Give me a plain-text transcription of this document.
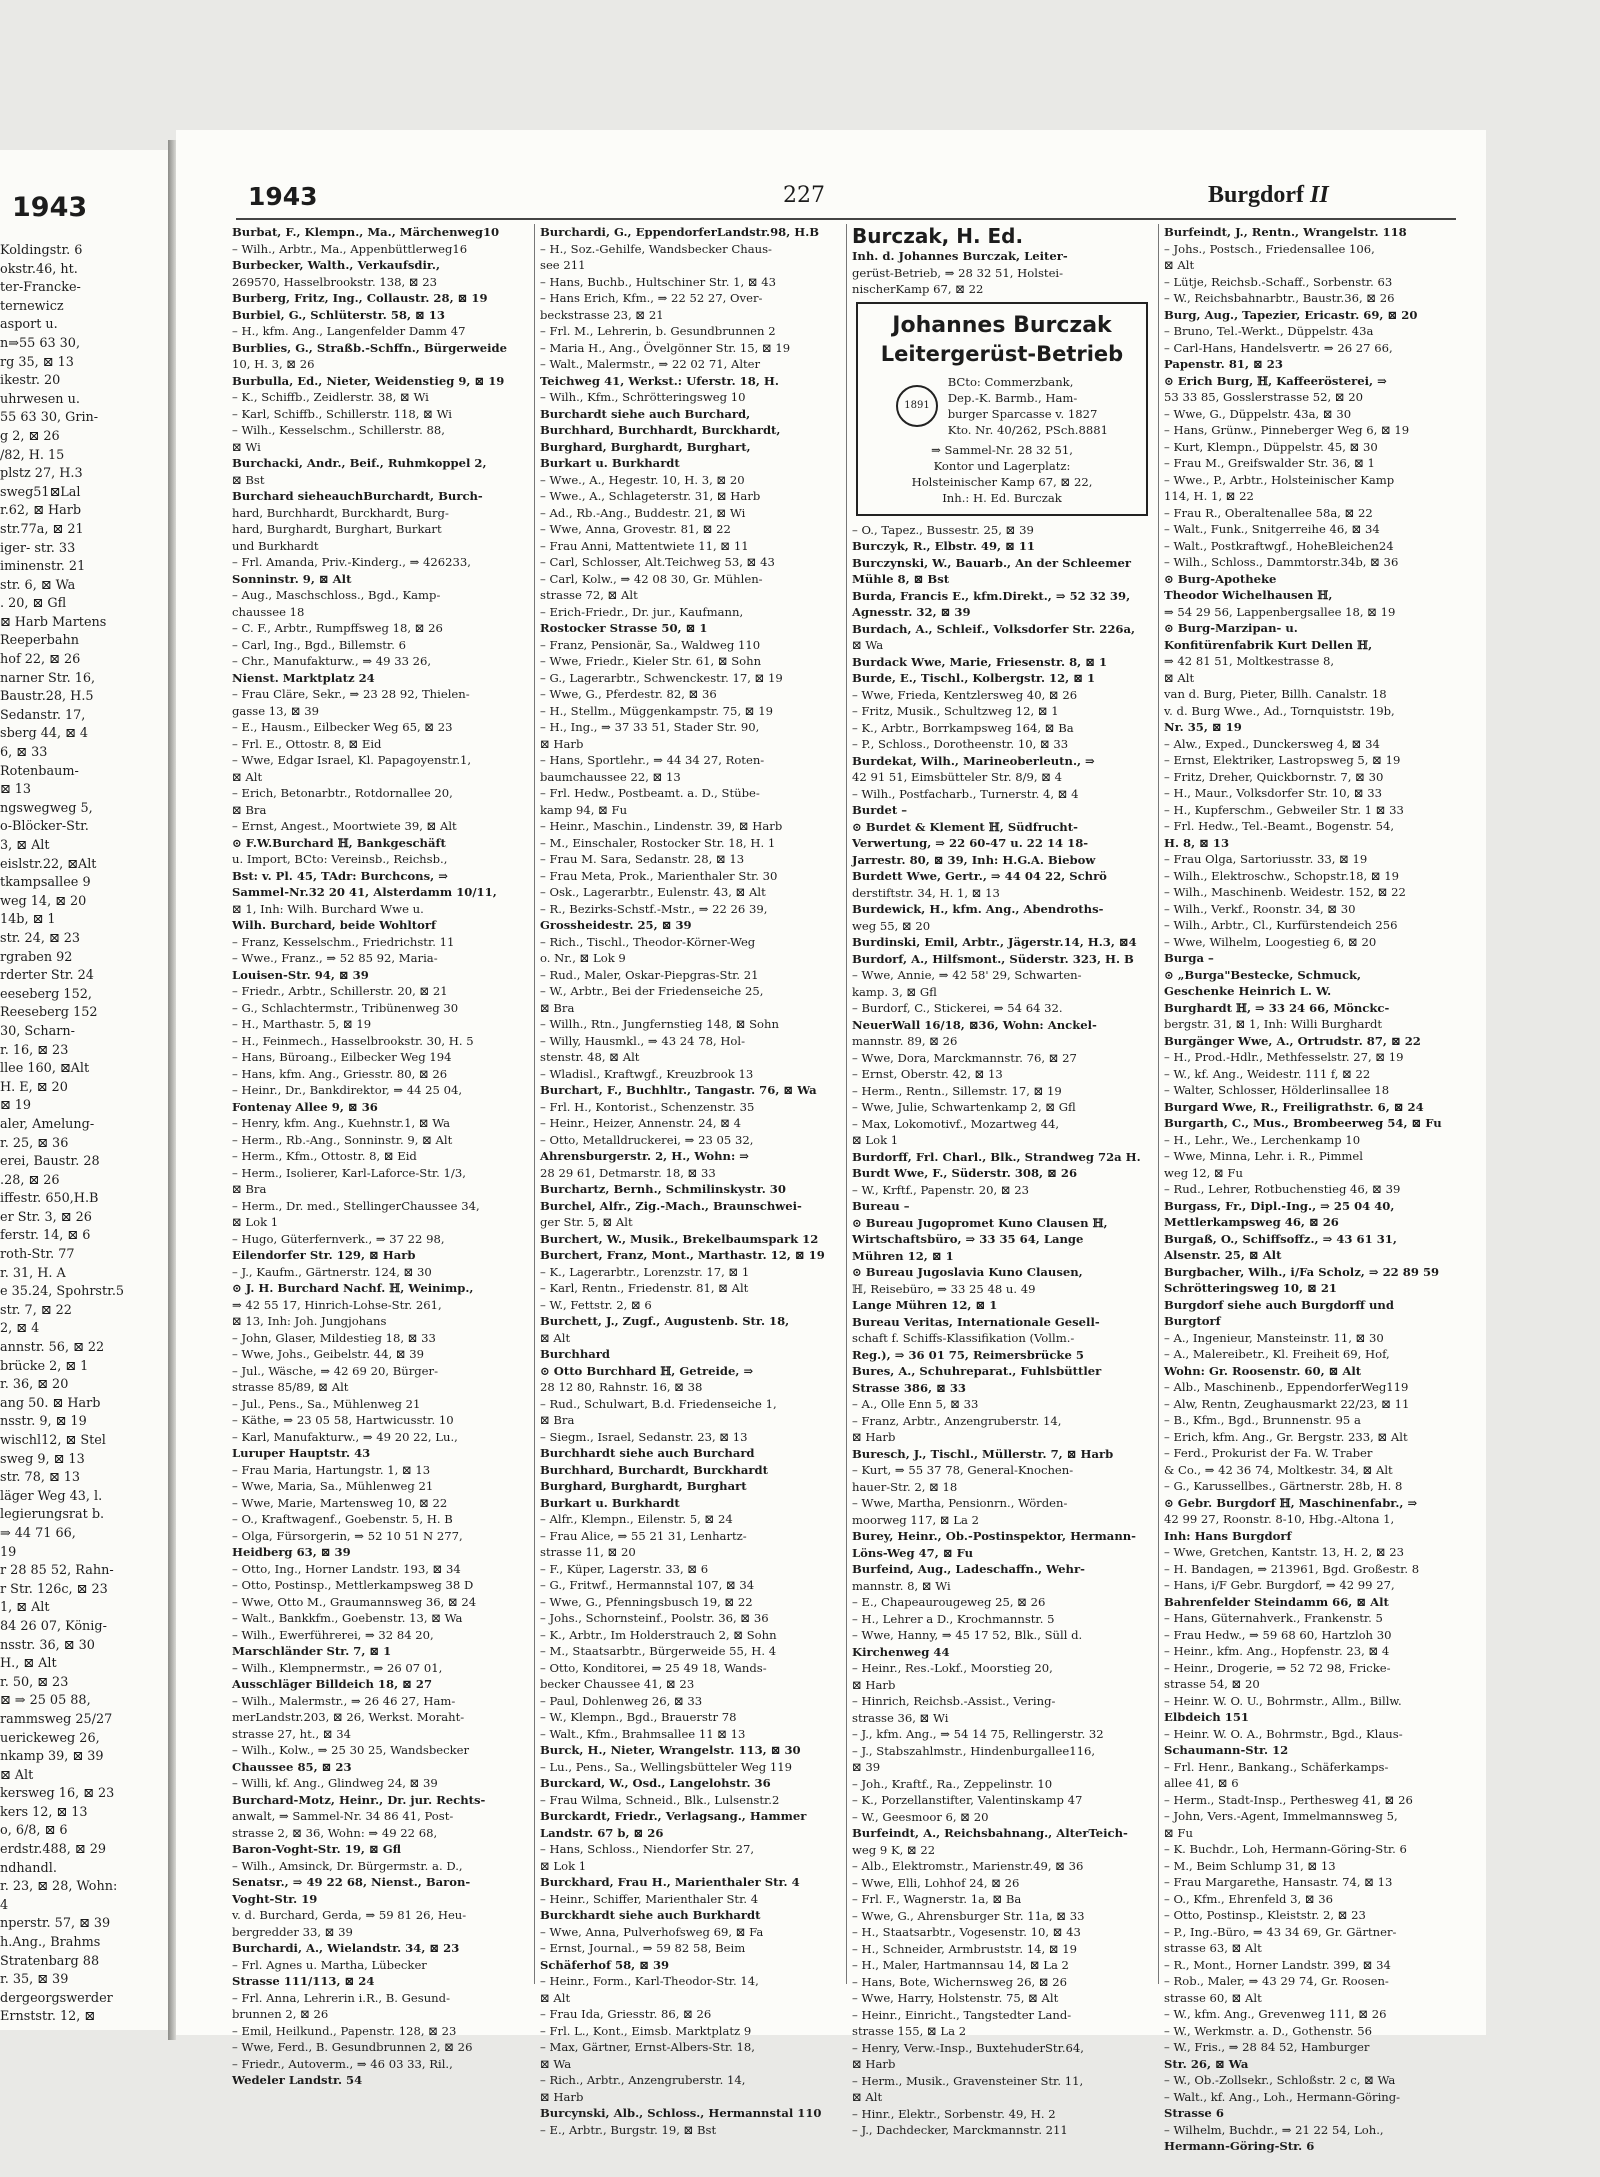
1943
Koldingstr. 6
okstr.46, ht.
ter-Francke-
ternewicz
asport u.
n⇒55 63 30,
rg 35, ⊠ 13
ikestr. 20
uhrwesen u.
55 63 30, Grin-
g 2, ⊠ 26
/82, H. 15
plstz 27, H.3
sweg51⊠Lal
r.62, ⊠ Harb
str.77a, ⊠ 21
iger- str. 33
iminenstr. 21
str. 6, ⊠ Wa
. 20, ⊠ Gfl
⊠ Harb Martens
Reeperbahn
hof 22, ⊠ 26
narner Str. 16,
Baustr.28, H.5
Sedanstr. 17,
sberg 44, ⊠ 4
6, ⊠ 33
Rotenbaum-
⊠ 13
ngswegweg 5,
o-Blöcker-Str.
3, ⊠ Alt
eislstr.22, ⊠Alt
tkampsallee 9
weg 14, ⊠ 20
14b, ⊠ 1
str. 24, ⊠ 23
rgraben 92
rderter Str. 24
eeseberg 152,
Reeseberg 152
30, Scharn-
r. 16, ⊠ 23
llee 160, ⊠Alt
H. E, ⊠ 20
⊠ 19
aler, Amelung-
r. 25, ⊠ 36
erei, Baustr. 28
.28, ⊠ 26
iffestr. 650,H.B
er Str. 3, ⊠ 26
ferstr. 14, ⊠ 6
roth-Str. 77
r. 31, H. A
e 35.24, Spohrstr.5
str. 7, ⊠ 22
2, ⊠ 4
annstr. 56, ⊠ 22
brücke 2, ⊠ 1
r. 36, ⊠ 20
ang 50. ⊠ Harb
nsstr. 9, ⊠ 19
wischl12, ⊠ Stel
sweg 9, ⊠ 13
str. 78, ⊠ 13
läger Weg 43, l.
legierungsrat b.
⇒ 44 71 66,
19
r 28 85 52, Rahn-
r Str. 126c, ⊠ 23
1, ⊠ Alt
84 26 07, König-
nsstr. 36, ⊠ 30
H., ⊠ Alt
r. 50, ⊠ 23
⊠ ⇒ 25 05 88,
rammsweg 25/27
uerickeweg 26,
nkamp 39, ⊠ 39
⊠ Alt
kersweg 16, ⊠ 23
kers 12, ⊠ 13
o, 6/8, ⊠ 6
erdstr.488, ⊠ 29
ndhandl.
r. 23, ⊠ 28, Wohn:
4
nperstr. 57, ⊠ 39
h.Ang., Brahms
Stratenbarg 88
r. 35, ⊠ 39
dergeorgswerder
Ernststr. 12, ⊠
1943	227	Burgdorf II
Burbat, F., Klempn., Ma., Märchenweg10
– Wilh., Arbtr., Ma., Appenbüttlerweg16
Burbecker, Walth., Verkaufsdir.,
269570, Hasselbrookstr. 138, ⊠ 23
Burberg, Fritz, Ing., Collaustr. 28, ⊠ 19
Burbiel, G., Schlüterstr. 58, ⊠ 13
– H., kfm. Ang., Langenfelder Damm 47
Burblies, G., Straßb.-Schffn., Bürgerweide
10, H. 3, ⊠ 26
Burbulla, Ed., Nieter, Weidenstieg 9, ⊠ 19
– K., Schiffb., Zeidlerstr. 38, ⊠ Wi
– Karl, Schiffb., Schillerstr. 118, ⊠ Wi
– Wilh., Kesselschm., Schillerstr. 88,
⊠ Wi
Burchacki, Andr., Beif., Ruhmkoppel 2,
⊠ Bst
Burchard sieheauchBurchardt, Burch-
hard, Burchhardt, Burckhardt, Burg-
hard, Burghardt, Burghart, Burkart
und Burkhardt
– Frl. Amanda, Priv.-Kinderg., ⇒ 426233,
Sonninstr. 9, ⊠ Alt
– Aug., Maschschloss., Bgd., Kamp-
chaussee 18
– C. F., Arbtr., Rumpffsweg 18, ⊠ 26
– Carl, Ing., Bgd., Billemstr. 6
– Chr., Manufakturw., ⇒ 49 33 26,
Nienst. Marktplatz 24
– Frau Cläre, Sekr., ⇒ 23 28 92, Thielen-
gasse 13, ⊠ 39
– E., Hausm., Eilbecker Weg 65, ⊠ 23
– Frl. E., Ottostr. 8, ⊠ Eid
– Wwe, Edgar Israel, Kl. Papagoyenstr.1,
⊠ Alt
– Erich, Betonarbtr., Rotdornallee 20,
⊠ Bra
– Ernst, Angest., Moortwiete 39, ⊠ Alt
⊙ F.W.Burchard ℍ, Bankgeschäft
u. Import, BCto: Vereinsb., Reichsb.,
Bst: v. Pl. 45, TAdr: Burchcons, ⇒
Sammel-Nr.32 20 41, Alsterdamm 10/11,
⊠ 1, Inh: Wilh. Burchard Wwe u.
Wilh. Burchard, beide Wohltorf
– Franz, Kesselschm., Friedrichstr. 11
– Wwe., Franz., ⇒ 52 85 92, Maria-
Louisen-Str. 94, ⊠ 39
– Friedr., Arbtr., Schillerstr. 20, ⊠ 21
– G., Schlachtermstr., Tribünenweg 30
– H., Marthastr. 5, ⊠ 19
– H., Feinmech., Hasselbrookstr. 30, H. 5
– Hans, Büroang., Eilbecker Weg 194
– Hans, kfm. Ang., Griesstr. 80, ⊠ 26
– Heinr., Dr., Bankdirektor, ⇒ 44 25 04,
Fontenay Allee 9, ⊠ 36
– Henry, kfm. Ang., Kuehnstr.1, ⊠ Wa
– Herm., Rb.-Ang., Sonninstr. 9, ⊠ Alt
– Herm., Kfm., Ottostr. 8, ⊠ Eid
– Herm., Isolierer, Karl-Laforce-Str. 1/3,
⊠ Bra
– Herm., Dr. med., StellingerChaussee 34,
⊠ Lok 1
– Hugo, Güterfernverk., ⇒ 37 22 98,
Eilendorfer Str. 129, ⊠ Harb
– J., Kaufm., Gärtnerstr. 124, ⊠ 30
⊙ J. H. Burchard Nachf. ℍ, Weinimp.,
⇒ 42 55 17, Hinrich-Lohse-Str. 261,
⊠ 13, Inh: Joh. Jungjohans
– John, Glaser, Mildestieg 18, ⊠ 33
– Wwe, Johs., Geibelstr. 44, ⊠ 39
– Jul., Wäsche, ⇒ 42 69 20, Bürger-
strasse 85/89, ⊠ Alt
– Jul., Pens., Sa., Mühlenweg 21
– Käthe, ⇒ 23 05 58, Hartwicusstr. 10
– Karl, Manufakturw., ⇒ 49 20 22, Lu.,
Luruper Hauptstr. 43
– Frau Maria, Hartungstr. 1, ⊠ 13
– Wwe, Maria, Sa., Mühlenweg 21
– Wwe, Marie, Martensweg 10, ⊠ 22
– O., Kraftwagenf., Goebenstr. 5, H. B
– Olga, Fürsorgerin, ⇒ 52 10 51 N 277,
Heidberg 63, ⊠ 39
– Otto, Ing., Horner Landstr. 193, ⊠ 34
– Otto, Postinsp., Mettlerkampsweg 38 D
– Wwe, Otto M., Graumannsweg 36, ⊠ 24
– Walt., Bankkfm., Goebenstr. 13, ⊠ Wa
– Wilh., Ewerführerei, ⇒ 32 84 20,
Marschländer Str. 7, ⊠ 1
– Wilh., Klempnermstr., ⇒ 26 07 01,
Ausschläger Billdeich 18, ⊠ 27
– Wilh., Malermstr., ⇒ 26 46 27, Ham-
merLandstr.203, ⊠ 26, Werkst. Moraht-
strasse 27, ht., ⊠ 34
– Wilh., Kolw., ⇒ 25 30 25, Wandsbecker
Chaussee 85, ⊠ 23
– Willi, kf. Ang., Glindweg 24, ⊠ 39
Burchard-Motz, Heinr., Dr. jur. Rechts-
anwalt, ⇒ Sammel-Nr. 34 86 41, Post-
strasse 2, ⊠ 36, Wohn: ⇒ 49 22 68,
Baron-Voght-Str. 19, ⊠ Gfl
– Wilh., Amsinck, Dr. Bürgermstr. a. D.,
Senatsr., ⇒ 49 22 68, Nienst., Baron-
Voght-Str. 19
v. d. Burchard, Gerda, ⇒ 59 81 26, Heu-
bergredder 33, ⊠ 39
Burchardi, A., Wielandstr. 34, ⊠ 23
– Frl. Agnes u. Martha, Lübecker
Strasse 111/113, ⊠ 24
– Frl. Anna, Lehrerin i.R., B. Gesund-
brunnen 2, ⊠ 26
– Emil, Heilkund., Papenstr. 128, ⊠ 23
– Wwe, Ferd., B. Gesundbrunnen 2, ⊠ 26
– Friedr., Autoverm., ⇒ 46 03 33, Ril.,
Wedeler Landstr. 54
Burchardi, G., EppendorferLandstr.98, H.B
– H., Soz.-Gehilfe, Wandsbecker Chaus-
see 211
– Hans, Buchb., Hultschiner Str. 1, ⊠ 43
– Hans Erich, Kfm., ⇒ 22 52 27, Over-
beckstrasse 23, ⊠ 21
– Frl. M., Lehrerin, b. Gesundbrunnen 2
– Maria H., Ang., Övelgönner Str. 15, ⊠ 19
– Walt., Malermstr., ⇒ 22 02 71, Alter
Teichweg 41, Werkst.: Uferstr. 18, H.
– Wilh., Kfm., Schrötteringsweg 10
Burchardt siehe auch Burchard,
Burchhard, Burchhardt, Burckhardt,
Burghard, Burghardt, Burghart,
Burkart u. Burkhardt
– Wwe., A., Hegestr. 10, H. 3, ⊠ 20
– Wwe., A., Schlageterstr. 31, ⊠ Harb
– Ad., Rb.-Ang., Buddestr. 21, ⊠ Wi
– Wwe, Anna, Grovestr. 81, ⊠ 22
– Frau Anni, Mattentwiete 11, ⊠ 11
– Carl, Schlosser, Alt.Teichweg 53, ⊠ 43
– Carl, Kolw., ⇒ 42 08 30, Gr. Mühlen-
strasse 72, ⊠ Alt
– Erich-Friedr., Dr. jur., Kaufmann,
Rostocker Strasse 50, ⊠ 1
– Franz, Pensionär, Sa., Waldweg 110
– Wwe, Friedr., Kieler Str. 61, ⊠ Sohn
– G., Lagerarbtr., Schwenckestr. 17, ⊠ 19
– Wwe, G., Pferdestr. 82, ⊠ 36
– H., Stellm., Müggenkampstr. 75, ⊠ 19
– H., Ing., ⇒ 37 33 51, Stader Str. 90,
⊠ Harb
– Hans, Sportlehr., ⇒ 44 34 27, Roten-
baumchaussee 22, ⊠ 13
– Frl. Hedw., Postbeamt. a. D., Stübe-
kamp 94, ⊠ Fu
– Heinr., Maschin., Lindenstr. 39, ⊠ Harb
– M., Einschaler, Rostocker Str. 18, H. 1
– Frau M. Sara, Sedanstr. 28, ⊠ 13
– Frau Meta, Prok., Marienthaler Str. 30
– Osk., Lagerarbtr., Eulenstr. 43, ⊠ Alt
– R., Bezirks-Schstf.-Mstr., ⇒ 22 26 39,
Grossheidestr. 25, ⊠ 39
– Rich., Tischl., Theodor-Körner-Weg
o. Nr., ⊠ Lok 9
– Rud., Maler, Oskar-Piepgras-Str. 21
– W., Arbtr., Bei der Friedenseiche 25,
⊠ Bra
– Willh., Rtn., Jungfernstieg 148, ⊠ Sohn
– Willy, Hausmkl., ⇒ 43 24 78, Hol-
stenstr. 48, ⊠ Alt
– Wladisl., Kraftwgf., Kreuzbrook 13
Burchart, F., Buchhltr., Tangastr. 76, ⊠ Wa
– Frl. H., Kontorist., Schenzenstr. 35
– Heinr., Heizer, Annenstr. 24, ⊠ 4
– Otto, Metalldruckerei, ⇒ 23 05 32,
Ahrensburgerstr. 2, H., Wohn: ⇒
28 29 61, Detmarstr. 18, ⊠ 33
Burchartz, Bernh., Schmilinskystr. 30
Burchel, Alfr., Zig.-Mach., Braunschwei-
ger Str. 5, ⊠ Alt
Burchert, W., Musik., Brekelbaumspark 12
Burchert, Franz, Mont., Marthastr. 12, ⊠ 19
– K., Lagerarbtr., Lorenzstr. 17, ⊠ 1
– Karl, Rentn., Friedenstr. 81, ⊠ Alt
– W., Fettstr. 2, ⊠ 6
Burchett, J., Zugf., Augustenb. Str. 18,
⊠ Alt
Burchhard
⊙ Otto Burchhard ℍ, Getreide, ⇒
28 12 80, Rahnstr. 16, ⊠ 38
– Rud., Schulwart, B.d. Friedenseiche 1,
⊠ Bra
– Siegm., Israel, Sedanstr. 23, ⊠ 13
Burchhardt siehe auch Burchard
Burchhard, Burchardt, Burckhardt
Burghard, Burghardt, Burghart
Burkart u. Burkhardt
– Alfr., Klempn., Eilenstr. 5, ⊠ 24
– Frau Alice, ⇒ 55 21 31, Lenhartz-
strasse 11, ⊠ 20
– F., Küper, Lagerstr. 33, ⊠ 6
– G., Fritwf., Hermannstal 107, ⊠ 34
– Wwe, G., Pfenningsbusch 19, ⊠ 22
– Johs., Schornsteinf., Poolstr. 36, ⊠ 36
– K., Arbtr., Im Holderstrauch 2, ⊠ Sohn
– M., Staatsarbtr., Bürgerweide 55, H. 4
– Otto, Konditorei, ⇒ 25 49 18, Wands-
becker Chaussee 41, ⊠ 23
– Paul, Dohlenweg 26, ⊠ 33
– W., Klempn., Bgd., Brauerstr 78
– Walt., Kfm., Brahmsallee 11 ⊠ 13
Burck, H., Nieter, Wrangelstr. 113, ⊠ 30
– Lu., Pens., Sa., Wellingsbütteler Weg 119
Burckard, W., Osd., Langelohstr. 36
– Frau Wilma, Schneid., Blk., Lulsenstr.2
Burckardt, Friedr., Verlagsang., Hammer
Landstr. 67 b, ⊠ 26
– Hans, Schloss., Niendorfer Str. 27,
⊠ Lok 1
Burckhard, Frau H., Marienthaler Str. 4
– Heinr., Schiffer, Marienthaler Str. 4
Burckhardt siehe auch Burkhardt
– Wwe, Anna, Pulverhofsweg 69, ⊠ Fa
– Ernst, Journal., ⇒ 59 82 58, Beim
Schäferhof 58, ⊠ 39
– Heinr., Form., Karl-Theodor-Str. 14,
⊠ Alt
– Frau Ida, Griesstr. 86, ⊠ 26
– Frl. L., Kont., Eimsb. Marktplatz 9
– Max, Gärtner, Ernst-Albers-Str. 18,
⊠ Wa
– Rich., Arbtr., Anzengruberstr. 14,
⊠ Harb
Burcynski, Alb., Schloss., Hermannstal 110
– E., Arbtr., Burgstr. 19, ⊠ Bst
Burczak, H. Ed.
Inh. d. Johannes Burczak, Leiter-
gerüst-Betrieb, ⇒ 28 32 51, Holstei-
nischerKamp 67, ⊠ 22
Johannes Burczak
Leitergerüst-Betrieb
1891
BCto: Commerzbank,
Dep.-K. Barmb., Ham-
burger Sparcasse v. 1827
Kto. Nr. 40/262, PSch.8881
⇒ Sammel-Nr. 28 32 51,
Kontor und Lagerplatz:
Holsteinischer Kamp 67, ⊠ 22,
Inh.: H. Ed. Burczak
– O., Tapez., Bussestr. 25, ⊠ 39
Burczyk, R., Elbstr. 49, ⊠ 11
Burczynski, W., Bauarb., An der Schleemer
Mühle 8, ⊠ Bst
Burda, Francis E., kfm.Direkt., ⇒ 52 32 39,
Agnesstr. 32, ⊠ 39
Burdach, A., Schleif., Volksdorfer Str. 226a,
⊠ Wa
Burdack Wwe, Marie, Friesenstr. 8, ⊠ 1
Burde, E., Tischl., Kolbergstr. 12, ⊠ 1
– Wwe, Frieda, Kentzlersweg 40, ⊠ 26
– Fritz, Musik., Schultzweg 12, ⊠ 1
– K., Arbtr., Borrkampsweg 164, ⊠ Ba
– P., Schloss., Dorotheenstr. 10, ⊠ 33
Burdekat, Wilh., Marineoberleutn., ⇒
42 91 51, Eimsbütteler Str. 8/9, ⊠ 4
– Wilh., Postfacharb., Turnerstr. 4, ⊠ 4
Burdet –
⊙ Burdet & Klement ℍ, Südfrucht-
Verwertung, ⇒ 22 60-47 u. 22 14 18-
Jarrestr. 80, ⊠ 39, Inh: H.G.A. Biebow
Burdett Wwe, Gertr., ⇒ 44 04 22, Schrö
derstiftstr. 34, H. 1, ⊠ 13
Burdewick, H., kfm. Ang., Abendroths-
weg 55, ⊠ 20
Burdinski, Emil, Arbtr., Jägerstr.14, H.3, ⊠4
Burdorf, A., Hilfsmont., Süderstr. 323, H. B
– Wwe, Annie, ⇒ 42 58' 29, Schwarten-
kamp. 3, ⊠ Gfl
– Burdorf, C., Stickerei, ⇒ 54 64 32.
NeuerWall 16/18, ⊠36, Wohn: Anckel-
mannstr. 89, ⊠ 26
– Wwe, Dora, Marckmannstr. 76, ⊠ 27
– Ernst, Oberstr. 42, ⊠ 13
– Herm., Rentn., Sillemstr. 17, ⊠ 19
– Wwe, Julie, Schwartenkamp 2, ⊠ Gfl
– Max, Lokomotivf., Mozartweg 44,
⊠ Lok 1
Burdorff, Frl. Charl., Blk., Strandweg 72a H.
Burdt Wwe, F., Süderstr. 308, ⊠ 26
– W., Krftf., Papenstr. 20, ⊠ 23
Bureau –
⊙ Bureau Jugopromet Kuno Clausen ℍ,
Wirtschaftsbüro, ⇒ 33 35 64, Lange
Mühren 12, ⊠ 1
⊙ Bureau Jugoslavia Kuno Clausen,
ℍ, Reisebüro, ⇒ 33 25 48 u. 49
Lange Mühren 12, ⊠ 1
Bureau Veritas, Internationale Gesell-
schaft f. Schiffs-Klassifikation (Vollm.-
Reg.), ⇒ 36 01 75, Reimersbrücke 5
Bures, A., Schuhreparat., Fuhlsbüttler
Strasse 386, ⊠ 33
– A., Olle Enn 5, ⊠ 33
– Franz, Arbtr., Anzengruberstr. 14,
⊠ Harb
Buresch, J., Tischl., Müllerstr. 7, ⊠ Harb
– Kurt, ⇒ 55 37 78, General-Knochen-
hauer-Str. 2, ⊠ 18
– Wwe, Martha, Pensionrn., Wörden-
moorweg 117, ⊠ La 2
Burey, Heinr., Ob.-Postinspektor, Hermann-
Löns-Weg 47, ⊠ Fu
Burfeind, Aug., Ladeschaffn., Wehr-
mannstr. 8, ⊠ Wi
– E., Chapeaurougeweg 25, ⊠ 26
– H., Lehrer a D., Krochmannstr. 5
– Wwe, Hanny, ⇒ 45 17 52, Blk., Süll d.
Kirchenweg 44
– Heinr., Res.-Lokf., Moorstieg 20,
⊠ Harb
– Hinrich, Reichsb.-Assist., Vering-
strasse 36, ⊠ Wi
– J., kfm. Ang., ⇒ 54 14 75, Rellingerstr. 32
– J., Stabszahlmstr., Hindenburgallee116,
⊠ 39
– Joh., Kraftf., Ra., Zeppelinstr. 10
– K., Porzellanstifter, Valentinskamp 47
– W., Geesmoor 6, ⊠ 20
Burfeindt, A., Reichsbahnang., AlterTeich-
weg 9 K, ⊠ 22
– Alb., Elektromstr., Marienstr.49, ⊠ 36
– Wwe, Elli, Lohhof 24, ⊠ 26
– Frl. F., Wagnerstr. 1a, ⊠ Ba
– Wwe, G., Ahrensburger Str. 11a, ⊠ 33
– H., Staatsarbtr., Vogesenstr. 10, ⊠ 43
– H., Schneider, Armbruststr. 14, ⊠ 19
– H., Maler, Hartmannsau 14, ⊠ La 2
– Hans, Bote, Wichernsweg 26, ⊠ 26
– Wwe, Harry, Holstenstr. 75, ⊠ Alt
– Heinr., Einricht., Tangstedter Land-
strasse 155, ⊠ La 2
– Henry, Verw.-Insp., BuxtehuderStr.64,
⊠ Harb
– Herm., Musik., Gravensteiner Str. 11,
⊠ Alt
– Hinr., Elektr., Sorbenstr. 49, H. 2
– J., Dachdecker, Marckmannstr. 211
Burfeindt, J., Rentn., Wrangelstr. 118
– Johs., Postsch., Friedensallee 106,
⊠ Alt
– Lütje, Reichsb.-Schaff., Sorbenstr. 63
– W., Reichsbahnarbtr., Baustr.36, ⊠ 26
Burg, Aug., Tapezier, Ericastr. 69, ⊠ 20
– Bruno, Tel.-Werkt., Düppelstr. 43a
– Carl-Hans, Handelsvertr. ⇒ 26 27 66,
Papenstr. 81, ⊠ 23
⊙ Erich Burg, ℍ, Kaffeerösterei, ⇒
53 33 85, Gosslerstrasse 52, ⊠ 20
– Wwe, G., Düppelstr. 43a, ⊠ 30
– Hans, Grünw., Pinneberger Weg 6, ⊠ 19
– Kurt, Klempn., Düppelstr. 45, ⊠ 30
– Frau M., Greifswalder Str. 36, ⊠ 1
– Wwe., P., Arbtr., Holsteinischer Kamp
114, H. 1, ⊠ 22
– Frau R., Oberaltenallee 58a, ⊠ 22
– Walt., Funk., Snitgerreihe 46, ⊠ 34
– Walt., Postkraftwgf., HoheBleichen24
– Wilh., Schloss., Dammtorstr.34b, ⊠ 36
⊙ Burg-Apotheke
Theodor Wichelhausen ℍ,
⇒ 54 29 56, Lappenbergsallee 18, ⊠ 19
⊙ Burg-Marzipan- u.
Konfitürenfabrik Kurt Dellen ℍ,
⇒ 42 81 51, Moltkestrasse 8,
⊠ Alt
van d. Burg, Pieter, Billh. Canalstr. 18
v. d. Burg Wwe., Ad., Tornquiststr. 19b,
Nr. 35, ⊠ 19
– Alw., Exped., Dunckersweg 4, ⊠ 34
– Ernst, Elektriker, Lastropsweg 5, ⊠ 19
– Fritz, Dreher, Quickbornstr. 7, ⊠ 30
– H., Maur., Volksdorfer Str. 10, ⊠ 33
– H., Kupferschm., Gebweiler Str. 1 ⊠ 33
– Frl. Hedw., Tel.-Beamt., Bogenstr. 54,
H. 8, ⊠ 13
– Frau Olga, Sartoriusstr. 33, ⊠ 19
– Wilh., Elektroschw., Schopstr.18, ⊠ 19
– Wilh., Maschinenb. Weidestr. 152, ⊠ 22
– Wilh., Verkf., Roonstr. 34, ⊠ 30
– Wilh., Arbtr., Cl., Kurfürstendeich 256
– Wwe, Wilhelm, Loogestieg 6, ⊠ 20
Burga –
⊙ „Burga"Bestecke, Schmuck,
Geschenke Heinrich L. W.
Burghardt ℍ, ⇒ 33 24 66, Mönckc-
bergstr. 31, ⊠ 1, Inh: Willi Burghardt
Burgänger Wwe, A., Ortrudstr. 87, ⊠ 22
– H., Prod.-Hdlr., Methfesselstr. 27, ⊠ 19
– W., kf. Ang., Weidestr. 111 f, ⊠ 22
– Walter, Schlosser, Hölderlinsallee 18
Burgard Wwe, R., Freiligrathstr. 6, ⊠ 24
Burgarth, C., Mus., Brombeerweg 54, ⊠ Fu
– H., Lehr., We., Lerchenkamp 10
– Wwe, Minna, Lehr. i. R., Pimmel
weg 12, ⊠ Fu
– Rud., Lehrer, Rotbuchenstieg 46, ⊠ 39
Burgass, Fr., Dipl.-Ing., ⇒ 25 04 40,
Mettlerkampsweg 46, ⊠ 26
Burgaß, O., Schiffsoffz., ⇒ 43 61 31,
Alsenstr. 25, ⊠ Alt
Burgbacher, Wilh., i/Fa Scholz, ⇒ 22 89 59
Schrötteringsweg 10, ⊠ 21
Burgdorf siehe auch Burgdorff und
Burgtorf
– A., Ingenieur, Mansteinstr. 11, ⊠ 30
– A., Malereibetr., Kl. Freiheit 69, Hof,
Wohn: Gr. Roosenstr. 60, ⊠ Alt
– Alb., Maschinenb., EppendorferWeg119
– Alw, Rentn, Zeughausmarkt 22/23, ⊠ 11
– B., Kfm., Bgd., Brunnenstr. 95 a
– Erich, kfm. Ang., Gr. Bergstr. 233, ⊠ Alt
– Ferd., Prokurist der Fa. W. Traber
& Co., ⇒ 42 36 74, Moltkestr. 34, ⊠ Alt
– G., Karussellbes., Gärtnerstr. 28b, H. 8
⊙ Gebr. Burgdorf ℍ, Maschinenfabr., ⇒
42 99 27, Roonstr. 8-10, Hbg.-Altona 1,
Inh: Hans Burgdorf
– Wwe, Gretchen, Kantstr. 13, H. 2, ⊠ 23
– H. Bandagen, ⇒ 213961, Bgd. Großestr. 8
– Hans, i/F Gebr. Burgdorf, ⇒ 42 99 27,
Bahrenfelder Steindamm 66, ⊠ Alt
– Hans, Güternahverk., Frankenstr. 5
– Frau Hedw., ⇒ 59 68 60, Hartzloh 30
– Heinr., kfm. Ang., Hopfenstr. 23, ⊠ 4
– Heinr., Drogerie, ⇒ 52 72 98, Fricke-
strasse 54, ⊠ 20
– Heinr. W. O. U., Bohrmstr., Allm., Billw.
Elbdeich 151
– Heinr. W. O. A., Bohrmstr., Bgd., Klaus-
Schaumann-Str. 12
– Frl. Henr., Bankang., Schäferkamps-
allee 41, ⊠ 6
– Herm., Stadt-Insp., Perthesweg 41, ⊠ 26
– John, Vers.-Agent, Immelmannsweg 5,
⊠ Fu
– K. Buchdr., Loh, Hermann-Göring-Str. 6
– M., Beim Schlump 31, ⊠ 13
– Frau Margarethe, Hansastr. 74, ⊠ 13
– O., Kfm., Ehrenfeld 3, ⊠ 36
– Otto, Postinsp., Kleiststr. 2, ⊠ 23
– P., Ing.-Büro, ⇒ 43 34 69, Gr. Gärtner-
strasse 63, ⊠ Alt
– R., Mont., Horner Landstr. 399, ⊠ 34
– Rob., Maler, ⇒ 43 29 74, Gr. Roosen-
strasse 60, ⊠ Alt
– W., kfm. Ang., Grevenweg 111, ⊠ 26
– W., Werkmstr. a. D., Gothenstr. 56
– W., Fris., ⇒ 28 84 52, Hamburger
Str. 26, ⊠ Wa
– W., Ob.-Zollsekr., Schloßstr. 2 c, ⊠ Wa
– Walt., kf. Ang., Loh., Hermann-Göring-
Strasse 6
– Wilhelm, Buchdr., ⇒ 21 22 54, Loh.,
Hermann-Göring-Str. 6
